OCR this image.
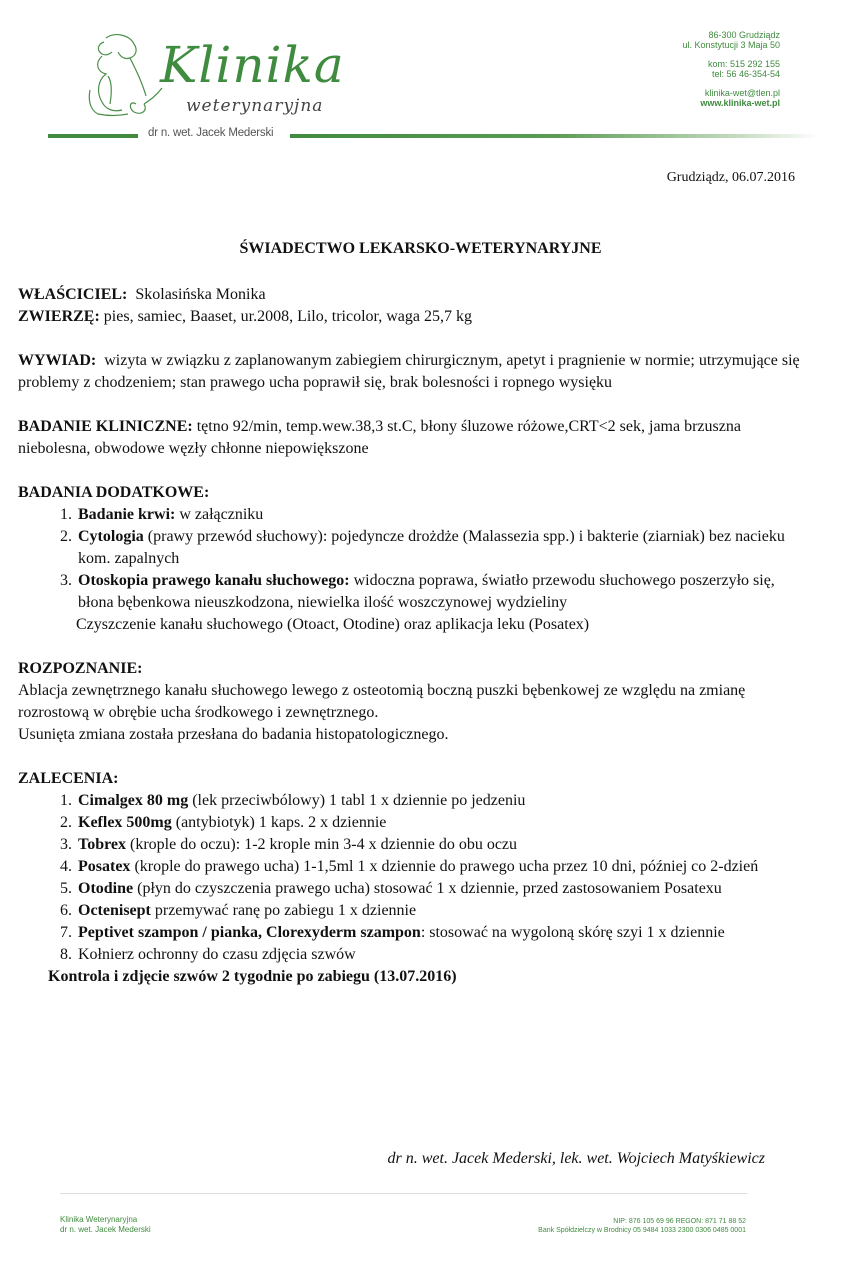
Klinika
weterynaryjna
dr n. wet. Jacek Mederski
86-300 Grudziądz
ul. Konstytucji 3 Maja 50
kom: 515 292 155
tel: 56 46-354-54
klinika-wet@tlen.pl
www.klinika-wet.pl
Grudziądz, 06.07.2016
ŚWIADECTWO LEKARSKO-WETERYNARYJNE

WŁAŚCICIEL: Skolasińska Monika

ZWIERZĘ: pies, samiec, Baaset, ur.2008, Lilo, tricolor, waga 25,7 kg

WYWIAD: wizyta w związku z zaplanowanym zabiegiem chirurgicznym, apetyt i pragnienie w normie; utrzymujące się problemy z chodzeniem; stan prawego ucha poprawił się, brak bolesności i ropnego wysięku

BADANIE KLINICZNE: tętno 92/min, temp.wew.38,3 st.C, błony śluzowe różowe,CRT<2 sek, jama brzuszna niebolesna, obwodowe węzły chłonne niepowiększone

BADANIA DODATKOWE:

1. Badanie krwi: w załączniku
2. Cytologia (prawy przewód słuchowy): pojedyncze drożdże (Malassezia spp.) i bakterie (ziarniak) bez nacieku kom. zapalnych
3. Otoskopia prawego kanału słuchowego: widoczna poprawa, światło przewodu słuchowego poszerzyło się, błona bębenkowa nieuszkodzona, niewielka ilość woszczynowej wydzieliny

Czyszczenie kanału słuchowego (Otoact, Otodine) oraz aplikacja leku (Posatex)

ROZPOZNANIE:

Ablacja zewnętrznego kanału słuchowego lewego z osteotomią boczną puszki bębenkowej ze względu na zmianę rozrostową w obrębie ucha środkowego i zewnętrznego.

Usunięta zmiana została przesłana do badania histopatologicznego.

ZALECENIA:

1. Cimalgex 80 mg (lek przeciwbólowy) 1 tabl 1 x dziennie po jedzeniu
2. Keflex 500mg (antybiotyk) 1 kaps. 2 x dziennie
3. Tobrex (krople do oczu): 1-2 krople min 3-4 x dziennie do obu oczu
4. Posatex (krople do prawego ucha) 1-1,5ml 1 x dziennie do prawego ucha przez 10 dni, później co 2-dzień
5. Otodine (płyn do czyszczenia prawego ucha) stosować 1 x dziennie, przed zastosowaniem Posatexu
6. Octenisept przemywać ranę po zabiegu 1 x dziennie
7. Peptivet szampon / pianka, Clorexyderm szampon: stosować na wygoloną skórę szyi 1 x dziennie
8. Kołnierz ochronny do czasu zdjęcia szwów

Kontrola i zdjęcie szwów 2 tygodnie po zabiegu (13.07.2016)

dr n. wet. Jacek Mederski, lek. wet. Wojciech Matyśkiewicz
Klinika Weterynaryjna
dr n. wet. Jacek Mederski
NIP: 876 105 69 96 REGON: 871 71 88 52
Bank Spółdzielczy w Brodnicy 05 9484 1033 2300 0306 0485 0001
